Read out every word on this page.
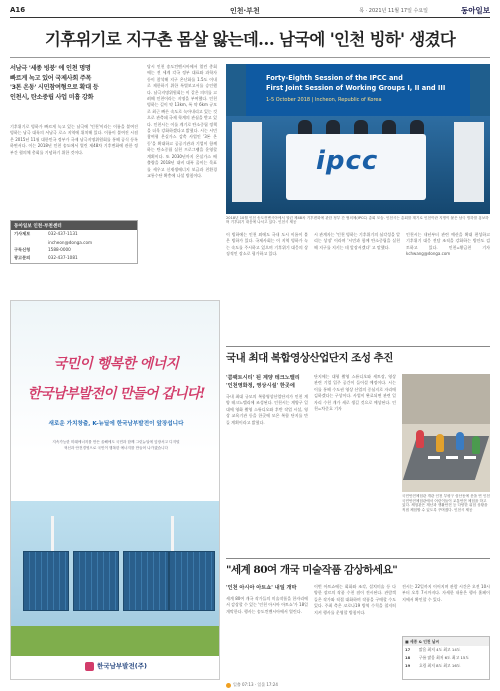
A16	인천·부천	목 · 2021년 11월 17일 수요일	동아일보
기후위기로 지구촌 몸살 앓는데… 남국에 '인천 빙하' 생겼다
서남극 '세종 빙붕' 에 인천 명명
빠르게 녹고 있어 국제사회 주목
'3톤 온동' 시민참여형으로 확대 등
인천시, 탄소중립 사업 미흡 강화
기후위기로 빙하가 빠르게 녹고 있는 남극에 '인천'이라는 이름을 붙여진 빙하는 남극 대륙의 서남극 로스 지역에 위치해 있다. 이름이 붙여진 시점은 2015년 11월 대한민국 정부가 국제 남극지명위원회를 통해 공식 등록하면서다. 이는 2018년 인천 송도에서 열린 제48차 기후변화에 관한 정부간 협의체 총회를 기념하기 위한 것이다.
동아일보 인천·부천센터
기사제보	032-437-1131
incheon@donga.com
구독신청	1588-0000
광고문의	032-437-1081
당시 인천 송도컨벤시아에서 열린 총회에는 전 세계 각국 정부 대표와 과학자 등이 참석해 지구 온난화를 1.5도 이내로 제한하기 위한 특별보고서를 승인했다. 남극지명위원회는 이 같은 의미를 고려해 인천이라는 지명을 부여했다. 인천 빙하는 길이 약 13km, 폭 약 6km 규모로 최근 빠른 속도로 녹아내리고 있는 것으로 관측돼 국제 학계의 관심을 받고 있다. 인천시는 이를 계기로 탄소중립 정책을 더욱 강화하겠다고 밝혔다. 시는 시민 참여형 온실가스 감축 사업인 '3톤 온동'을 확대하고 공공기관과 기업이 함께하는 탄소중립 실천 프로그램을 운영할 계획이다. 또 2030년까지 온실가스 배출량을 2018년 대비 대폭 줄이는 목표를 세우고 신재생에너지 보급과 친환경 교통수단 확충에 나설 방침이다.
Forty-Eighth Session of the IPCC and
First Joint Session of Working Groups I, II and III
1-5 October 2018 | Incheon, Republic of Korea
ipcc
2018년 10월 인천 송도컨벤시아에서 열린 제48차 기후변화에 관한 정부 간 협의체(IPCC) 총회 모습. 인천시는 총회를 계기로 인천이란 지명이 붙은 남극 빙하를 홍보하며 기후위기 대응에 나서고 있다. 인천시 제공
이 빙하에는 인천 외에도 국내 도시 이름이 붙은 빙하가 있다. 국제사회는 이 지역 빙하가 녹는 속도를 주시하고 있으며 기후위기 대응의 상징적인 장소로 평가하고 있다.
시 관계자는 '인천 빙하는 기후위기의 심각성을 알리는 상징' 이라며 '시민과 함께 탄소중립을 실천해 지구를 지키는 데 앞장서겠다' 고 말했다.
인천시는 내년부터 관련 예산을 확대 편성하고 기후위기 대응 전담 조직을 강화하는 방안도 검토하고 있다. 인천=황금천 기자 kchwang@donga.com
국내 최대 복합영상산업단지 조성 추진
'콤팩트시티' 된 계양 테크노밸리 '인천영화정, 영상시설' 한곳에
국내 최대 규모의 복합영상산업단지가 인천 계양 테크노밸리에 조성된다. 인천시는 계양구 일대에 영화 촬영 스튜디오와 후반 작업 시설, 영상 교육기관 등을 한곳에 모은 복합 단지를 만들 계획이라고 밝혔다.
단지에는 대형 촬영 스튜디오와 세트장, 영상 관련 기업 입주 공간이 들어설 예정이다. 시는 이를 통해 수도권 영상 산업의 중심지로 자리매김하겠다는 구상이다. 사업이 완료되면 관련 일자리 수천 개가 새로 생길 것으로 예상된다. 인천=차준호 기자
국민안전체험관 개관 인천 부평구 삼산동에 문을 연 인천국민안전체험관에서 어린이들이 교통안전 체험을 하고 있다. 체험관은 재난과 생활안전 등 다양한 위험 상황을 직접 체험할 수 있도록 꾸며졌다. 인천시 제공
국민이 행복한 에너지
한국남부발전이 만들어 갑니다!
새로운 가치창출, K-뉴딜에 한국남부발전이 앞장섭니다
지속가능한 미래에너지를 만든 올해에도 국민과 함께 그린뉴딜에 앞장서고 디지털 혁신과 안전경영으로 국민이 행복한 에너지를 만들어 나가겠습니다
한국남부발전(주)
"세계 80여 개국 미술작품 감상하세요"
'인천 아시아 아트쇼' 내일 개막
세계 80여 개국 작가들의 미술작품을 한자리에서 감상할 수 있는 '인천 아시아 아트쇼'가 18일 개막한다. 행사는 송도컨벤시아에서 열린다.
이번 아트쇼에는 회화와 조각, 설치미술 등 다양한 장르의 작품 수천 점이 전시된다. 관람객들은 작가와 직접 대화하며 작품을 구매할 수도 있다. 주최 측은 코로나19 방역 수칙을 철저히 지켜 행사를 운영할 방침이다.
전시는 22일까지 이어지며 관람 시간은 오전 10시부터 오후 7시까지다. 자세한 내용은 행사 홈페이지에서 확인할 수 있다.
■ 세종 & 인천 날씨
17	맑음 최저 4도 최고 14도
18	구름 많음 최저 6도 최고 15도
19	흐림 최저 8도 최고 16도
일출 07:13 · 일몰 17:24
